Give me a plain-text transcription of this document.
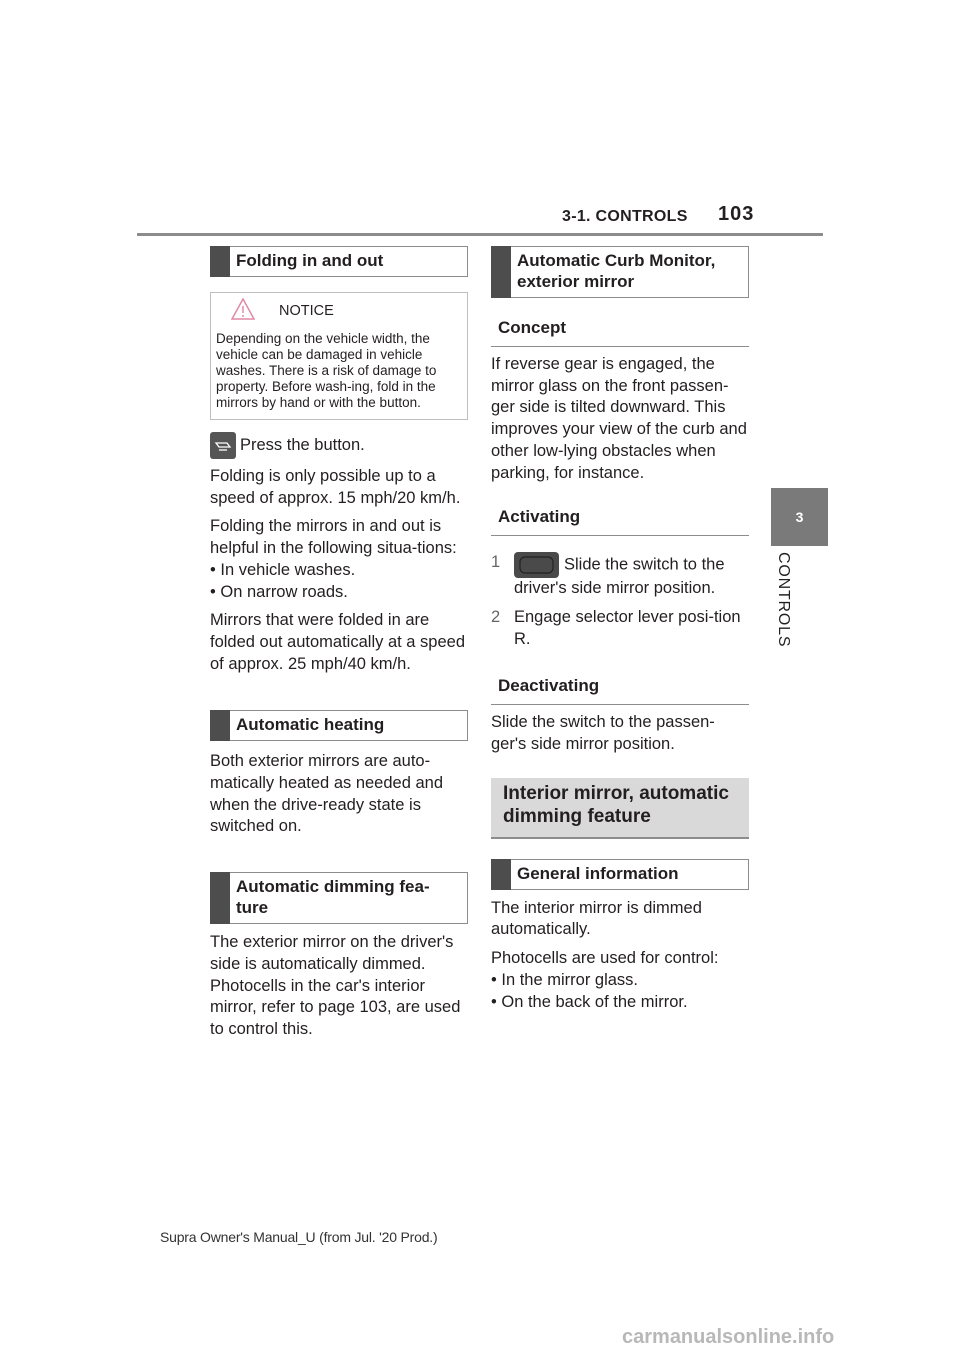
3-1. CONTROLS 103
3
CONTROLS
Folding in and out
NOTICE
Depending on the vehicle width, the vehicle can be damaged in vehicle washes. There is a risk of damage to property. Before wash-ing, fold in the mirrors by hand or with the button.

Press the button.

Folding is only possible up to a speed of approx. 15 mph/20 km/h.

Folding the mirrors in and out is helpful in the following situa-tions:

• In vehicle washes.

• On narrow roads.

Mirrors that were folded in are folded out automatically at a speed of approx. 25 mph/40 km/h.

Automatic heating

Both exterior mirrors are auto-matically heated as needed and when the drive-ready state is switched on.

Automatic dimming fea-ture

The exterior mirror on the driver's side is automatically dimmed. Photocells in the car's interior mirror, refer to page 103, are used to control this.

Automatic Curb Monitor, exterior mirror
Concept

If reverse gear is engaged, the mirror glass on the front passen-ger side is tilted downward. This improves your view of the curb and other low-lying obstacles when parking, for instance.

Activating

1	Slide the switch to the driver's side mirror position.

2 Engage selector lever posi-tion R.

Deactivating

Slide the switch to the passen-ger's side mirror position.

Interior mirror, automatic dimming feature
General information

The interior mirror is dimmed automatically.

Photocells are used for control:

• In the mirror glass.

• On the back of the mirror.

Supra Owner's Manual_U (from Jul. '20 Prod.)
carmanualsonline.info
